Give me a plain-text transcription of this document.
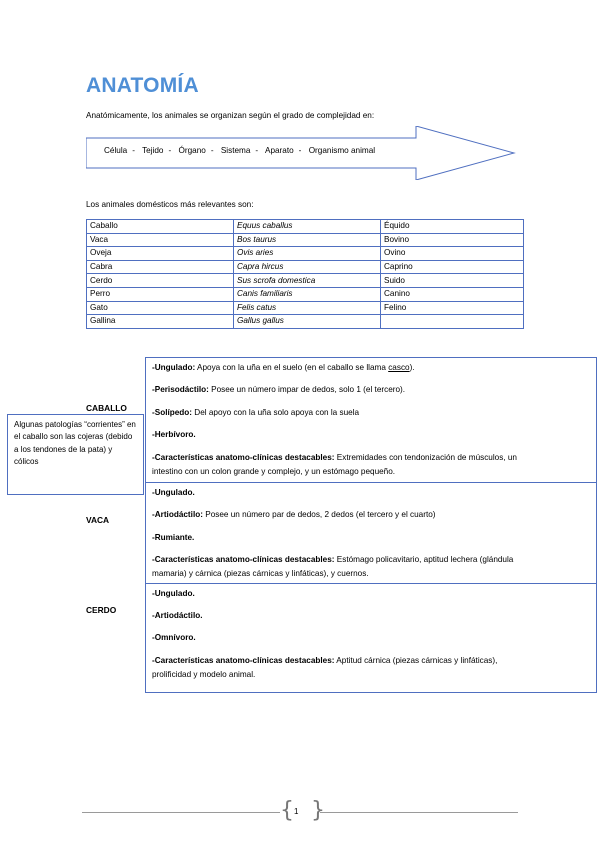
ANATOMÍA
Anatómicamente, los animales se organizan según el grado de complejidad en:
Célula - Tejido - Órgano - Sistema - Aparato - Organismo animal
Los animales domésticos más relevantes son:
Caballo	Equus caballus	Équido
Vaca	Bos taurus	Bovino
Oveja	Ovis aries	Ovino
Cabra	Capra hircus	Caprino
Cerdo	Sus scrofa domestica	Suido
Perro	Canis familiaris	Canino
Gato	Felis catus	Felino
Gallina	Gallus gallus	
Algunas patologías “corrientes” en el caballo son las cojeras (debido a los tendones de la pata) y cólicos
CABALLO
VACA
CERDO
-Ungulado: Apoya con la uña en el suelo (en el caballo se llama casco).
-Perisodáctilo: Posee un número impar de dedos, solo 1 (el tercero).
-Solípedo: Del apoyo con la uña solo apoya con la suela
-Herbívoro.
-Características anatomo-clínicas destacables: Extremidades con tendonización de músculos, un
intestino con un colon grande y complejo, y un estómago pequeño.
-Ungulado.
-Artiodáctilo: Posee un número par de dedos, 2 dedos (el tercero y el cuarto)
-Rumiante.
-Características anatomo-clínicas destacables: Estómago policavitario, aptitud lechera (glándula
mamaria) y cárnica (piezas cárnicas y linfáticas), y cuernos.
-Ungulado.
-Artiodáctilo.
-Omnívoro.
-Características anatomo-clínicas destacables: Aptitud cárnica (piezas cárnicas y linfáticas),
prolificidad y modelo animal.
{ }
1
